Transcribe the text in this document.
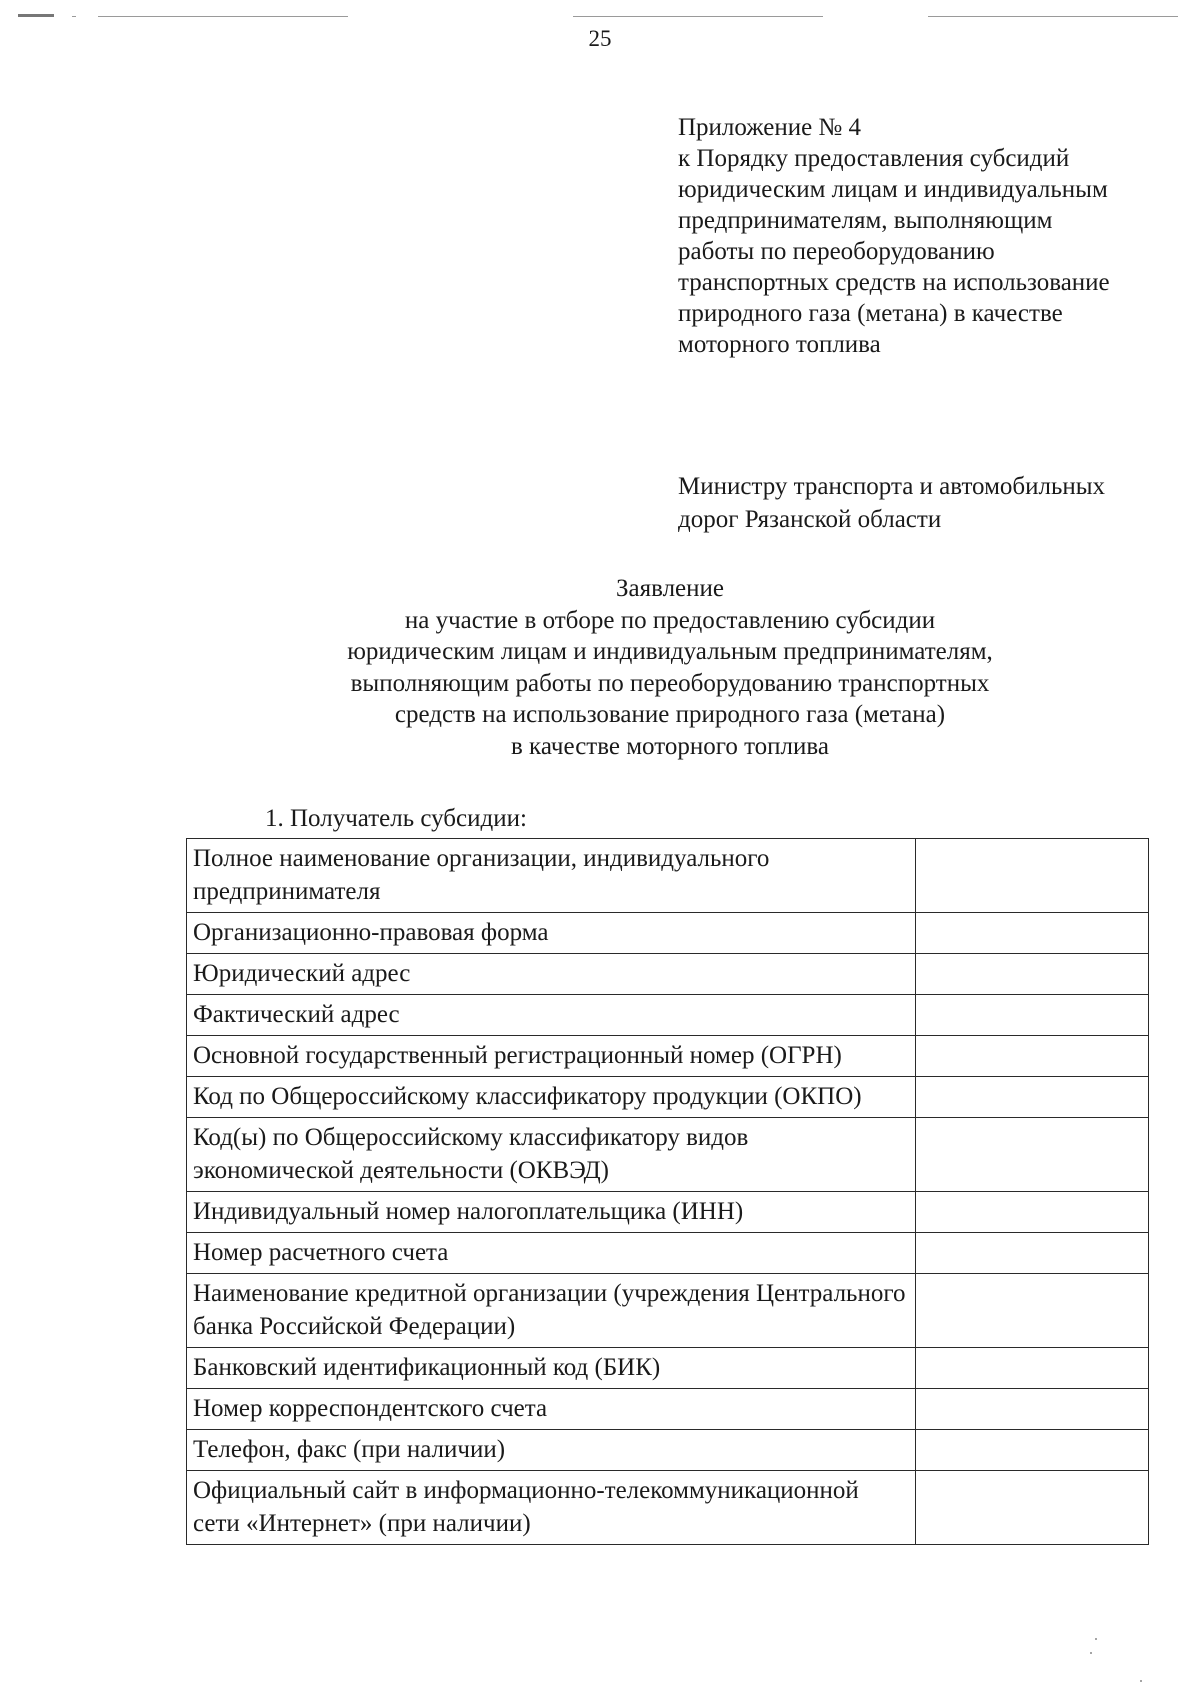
25
Приложение № 4
к Порядку предоставления субсидий
юридическим лицам и индивидуальным
предпринимателям, выполняющим
работы по переоборудованию
транспортных средств на использование
природного газа (метана) в качестве
моторного топлива
Министру транспорта и автомобильных
дорог Рязанской области
Заявление
на участие в отборе по предоставлению субсидии
юридическим лицам и индивидуальным предпринимателям,
выполняющим работы по переоборудованию транспортных
средств на использование природного газа (метана)
в качестве моторного топлива
1. Получатель субсидии:
Полное наименование организации, индивидуального предпринимателя	
Организационно-правовая форма	
Юридический адрес	
Фактический адрес	
Основной государственный регистрационный номер (ОГРН)	
Код по Общероссийскому классификатору продукции (ОКПО)	
Код(ы) по Общероссийскому классификатору видов экономической деятельности (ОКВЭД)	
Индивидуальный номер налогоплательщика (ИНН)	
Номер расчетного счета	
Наименование кредитной организации (учреждения Центрального банка Российской Федерации)	
Банковский идентификационный код (БИК)	
Номер корреспондентского счета	
Телефон, факс (при наличии)	
Официальный сайт в информационно-телекоммуникационной сети «Интернет» (при наличии)	
